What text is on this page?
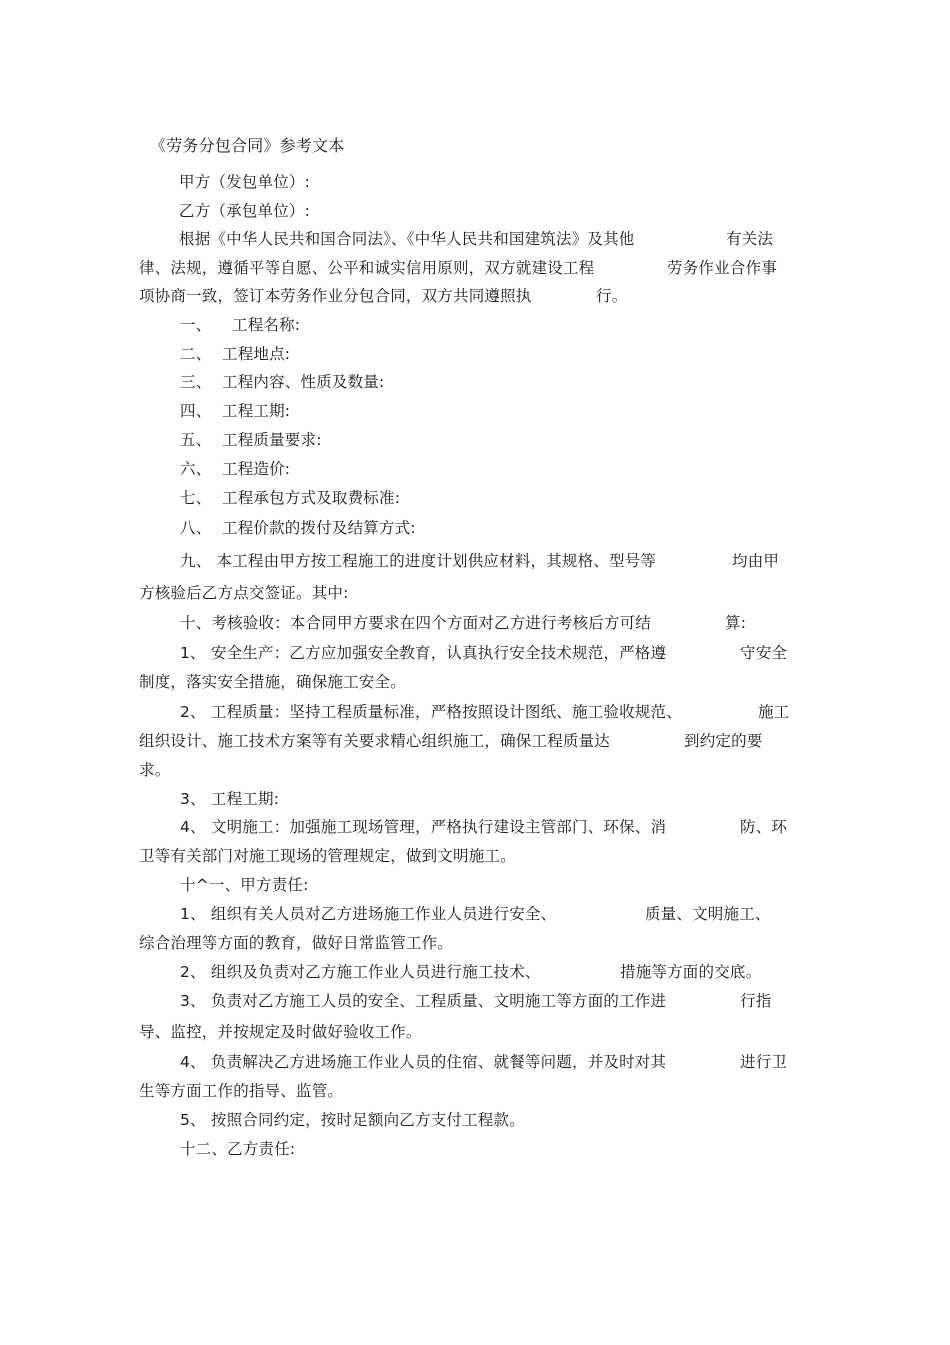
《劳务分包合同》参考文本
甲方（发包单位）:
乙方（承包单位）:
根据《中华人民共和国合同法》、《中华人民共和国建筑法》及其他	有关法
律、法规，遵循平等自愿、公平和诚实信用原则，双方就建设工程	劳务作业合作事
项协商一致，签订本劳务作业分包合同，双方共同遵照执	行。
一、 工程名称:
二、 工程地点:
三、 工程内容、性质及数量:
四、 工程工期:
五、 工程质量要求:
六、 工程造价:
七、 工程承包方式及取费标准:
八、 工程价款的拨付及结算方式:
九、 本工程由甲方按工程施工的进度计划供应材料，其规格、型号等	均由甲
方核验后乙方点交签证。其中:
十、考核验收：本合同甲方要求在四个方面对乙方进行考核后方可结	算:
1、 安全生产：乙方应加强安全教育，认真执行安全技术规范，严格遵	守安全
制度，落实安全措施，确保施工安全。
2、 工程质量：坚持工程质量标准，严格按照设计图纸、施工验收规范、	施工
组织设计、施工技术方案等有关要求精心组织施工，确保工程质量达	到约定的要
求。
3、 工程工期:
4、 文明施工：加强施工现场管理，严格执行建设主管部门、环保、消	防、环
卫等有关部门对施工现场的管理规定，做到文明施工。
十^一、甲方责任:
1、 组织有关人员对乙方进场施工作业人员进行安全、	质量、文明施工、
综合治理等方面的教育，做好日常监管工作。
2、 组织及负责对乙方施工作业人员进行施工技术、	措施等方面的交底。
3、 负责对乙方施工人员的安全、工程质量、文明施工等方面的工作进	行指
导、监控，并按规定及时做好验收工作。
4、 负责解决乙方进场施工作业人员的住宿、就餐等问题，并及时对其	进行卫
生等方面工作的指导、监管。
5、 按照合同约定，按时足额向乙方支付工程款。
十二、乙方责任:
